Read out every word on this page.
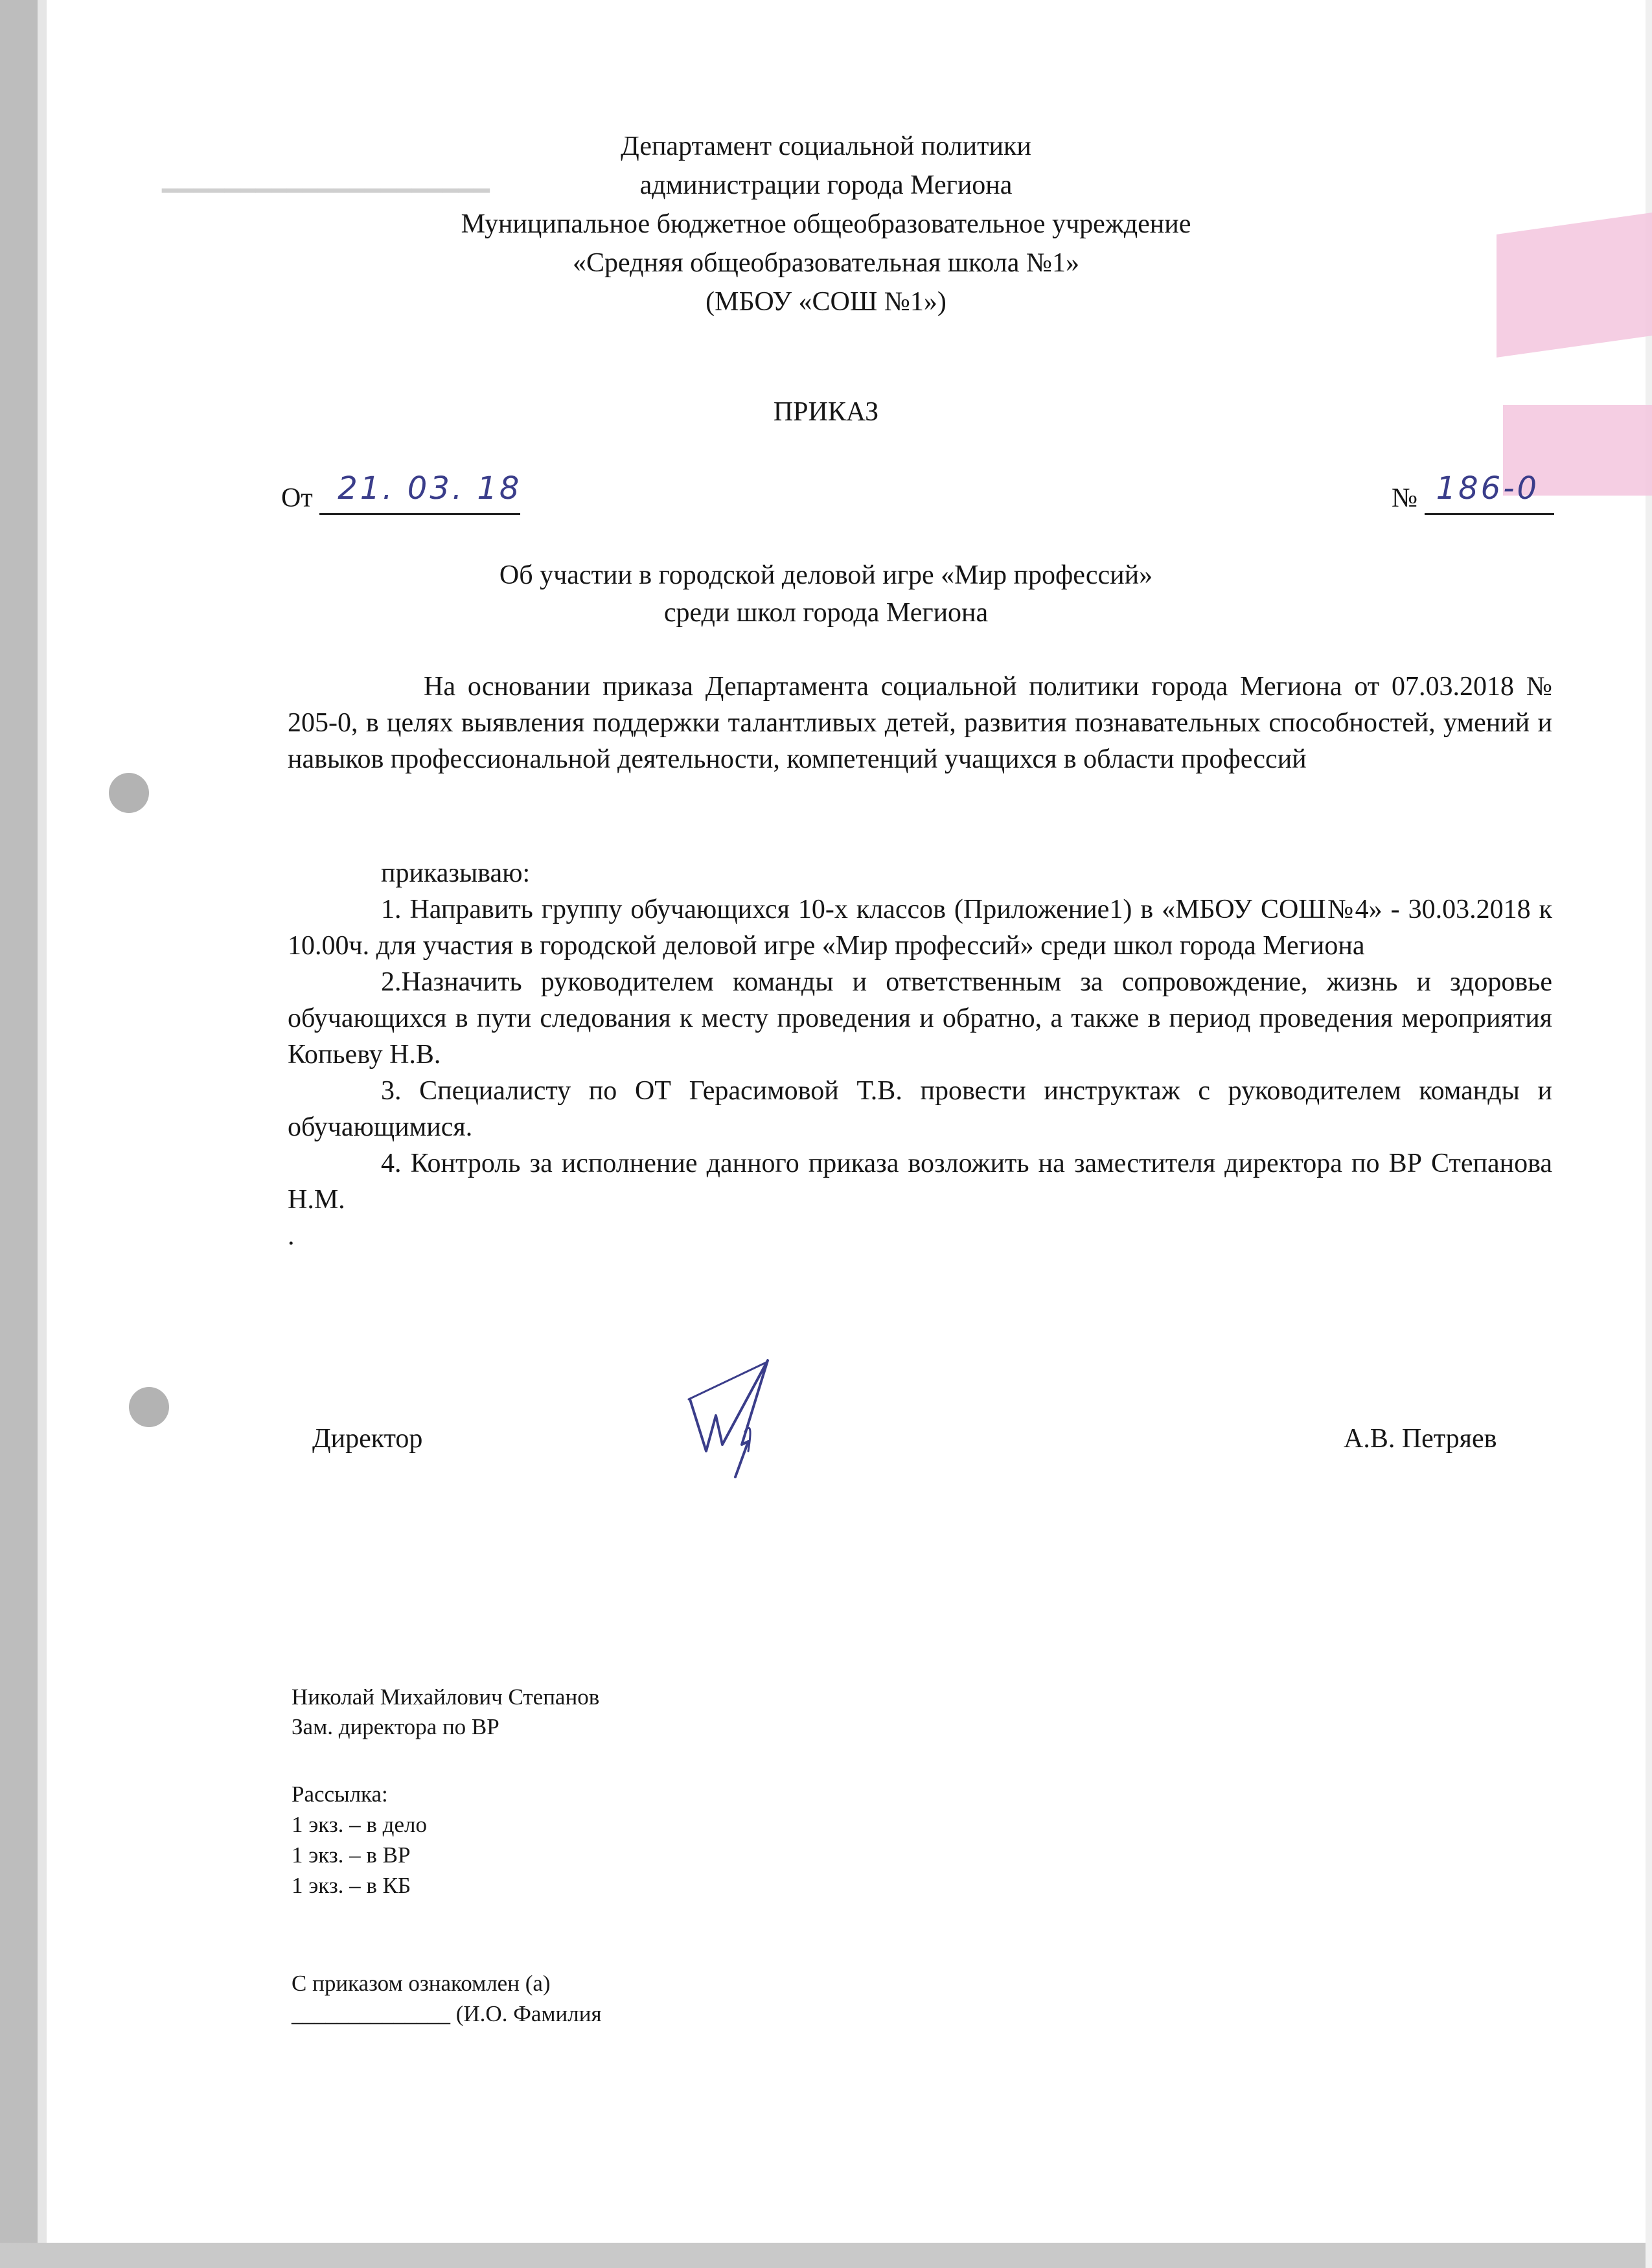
━━━━━━━━━━━━━━━━━━━━━
Департамент социальной политики
администрации города Мегиона
Муниципальное бюджетное общеобразовательное учреждение
«Средняя общеобразовательная школа №1»
(МБОУ «СОШ №1»)
ПРИКАЗ
От 21. 03. 18	№ 186-0
Об участии в городской деловой игре «Мир профессий»
среди школ города Мегиона

На основании приказа Департамента социальной политики города Мегиона от 07.03.2018 № 205-0, в целях выявления поддержки талантливых детей, развития познавательных способностей, умений и навыков профессиональной деятельности, компетенций учащихся в области профессий

приказываю:

1. Направить группу обучающихся 10-х классов (Приложение1) в «МБОУ СОШ№4» - 30.03.2018 к 10.00ч. для участия в городской деловой игре «Мир профессий» среди школ города Мегиона

2.Назначить руководителем команды и ответственным за сопровождение, жизнь и здоровье обучающихся в пути следования к месту проведения и обратно, а также в период проведения мероприятия Копьеву Н.В.

3. Специалисту по ОТ Герасимовой Т.В. провести инструктаж с руководителем команды и обучающимися.

4. Контроль за исполнение данного приказа возложить на заместителя директора по ВР Степанова Н.М.

.

Директор	А.В. Петряев
Николай Михайлович Степанов
Зам. директора по ВР
Рассылка:
1 экз. – в дело
1 экз. – в ВР
1 экз. – в КБ
С приказом ознакомлен (а)
______________ (И.О. Фамилия
